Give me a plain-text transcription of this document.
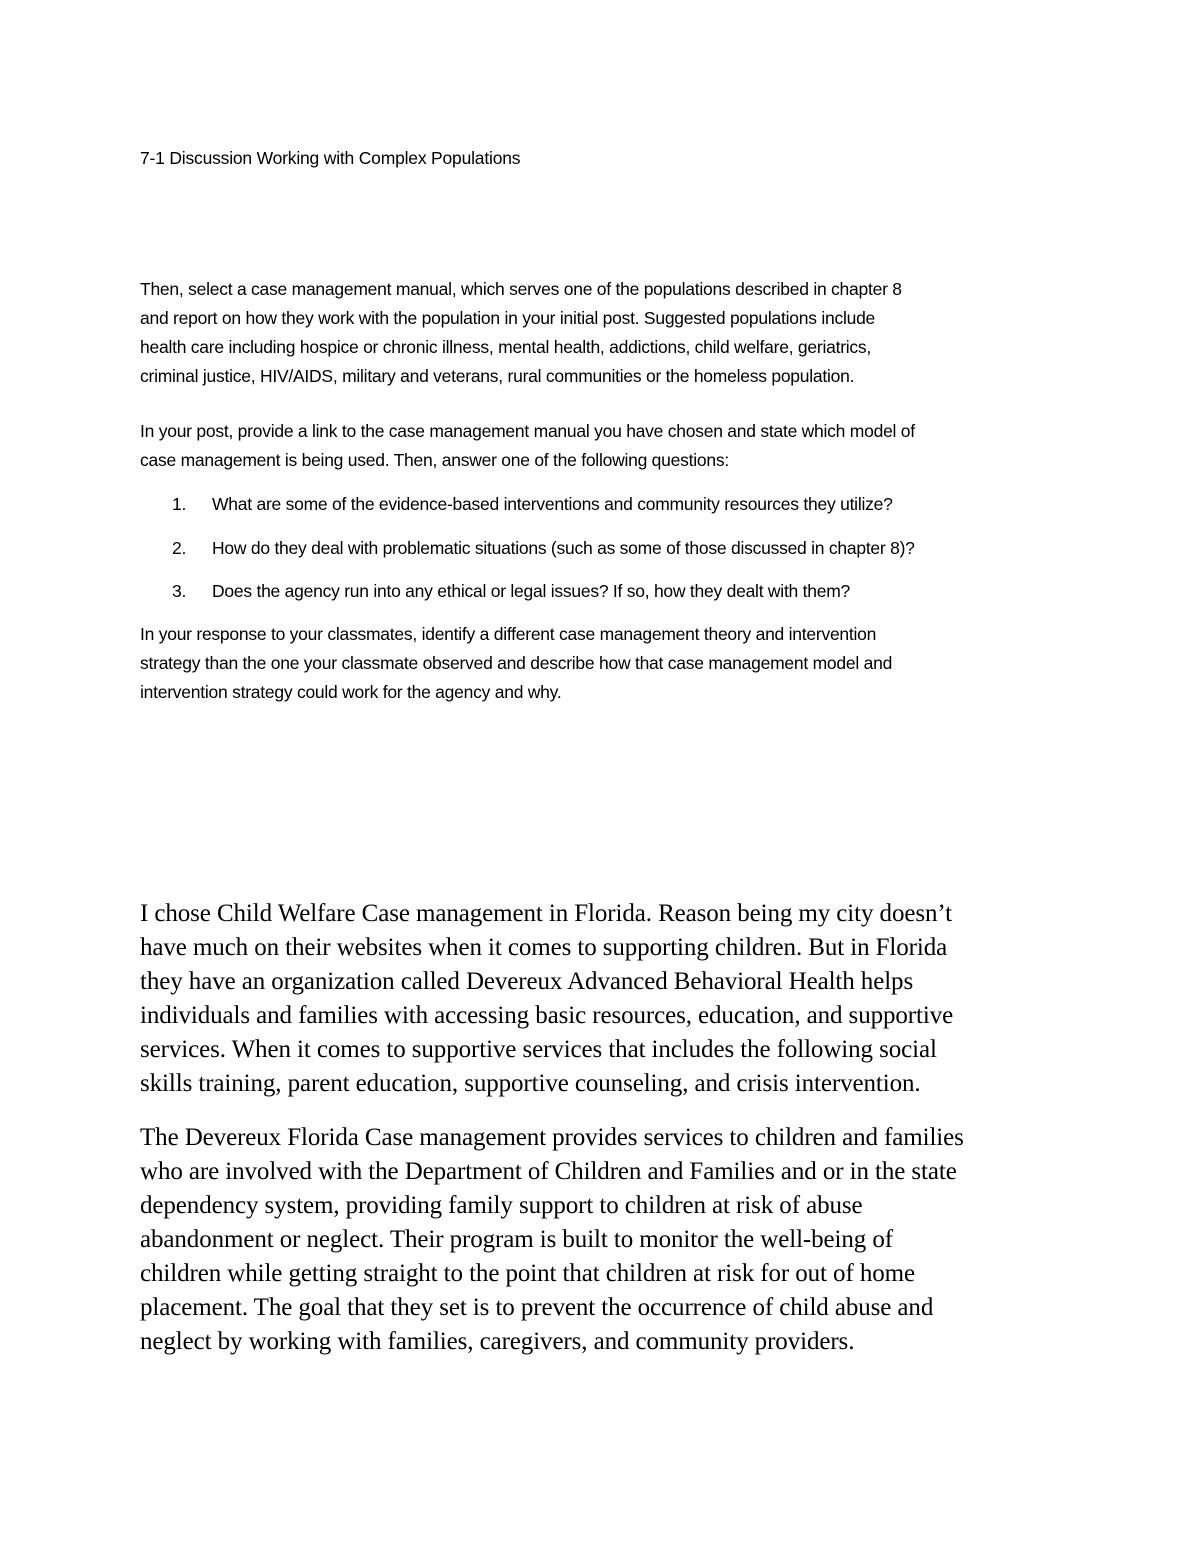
7-1 Discussion Working with Complex Populations
Then, select a case management manual, which serves one of the populations described in chapter 8
and report on how they work with the population in your initial post. Suggested populations include
health care including hospice or chronic illness, mental health, addictions, child welfare, geriatrics,
criminal justice, HIV/AIDS, military and veterans, rural communities or the homeless population.
In your post, provide a link to the case management manual you have chosen and state which model of
case management is being used. Then, answer one of the following questions:
1. What are some of the evidence-based interventions and community resources they utilize?
2. How do they deal with problematic situations (such as some of those discussed in chapter 8)?
3. Does the agency run into any ethical or legal issues? If so, how they dealt with them?
In your response to your classmates, identify a different case management theory and intervention
strategy than the one your classmate observed and describe how that case management model and
intervention strategy could work for the agency and why.
I chose Child Welfare Case management in Florida. Reason being my city doesn’t
have much on their websites when it comes to supporting children. But in Florida
they have an organization called Devereux Advanced Behavioral Health helps
individuals and families with accessing basic resources, education, and supportive
services. When it comes to supportive services that includes the following social
skills training, parent education, supportive counseling, and crisis intervention.
The Devereux Florida Case management provides services to children and families
who are involved with the Department of Children and Families and or in the state
dependency system, providing family support to children at risk of abuse
abandonment or neglect. Their program is built to monitor the well-being of
children while getting straight to the point that children at risk for out of home
placement. The goal that they set is to prevent the occurrence of child abuse and
neglect by working with families, caregivers, and community providers.
